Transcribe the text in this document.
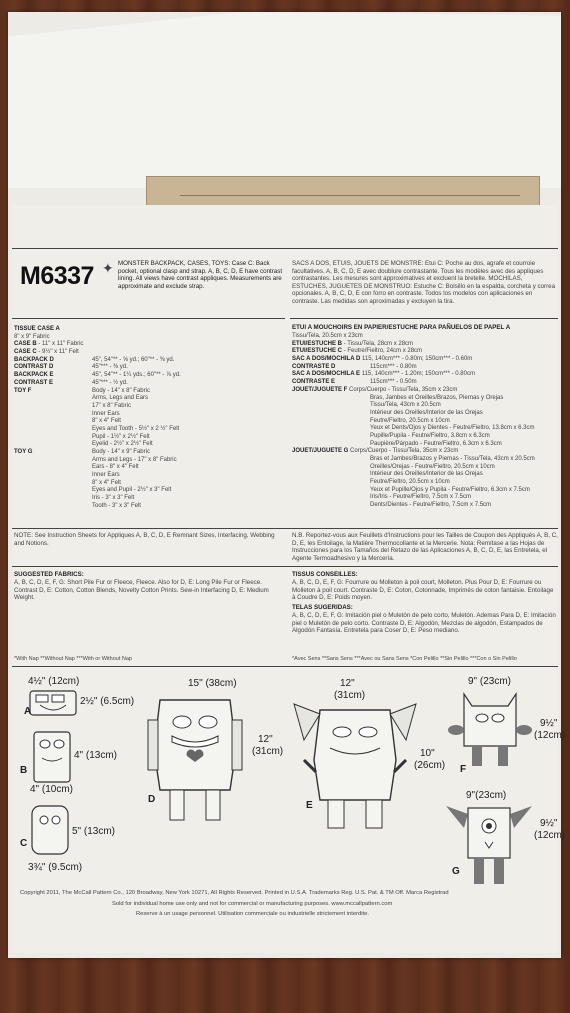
M6337 ✦ MONSTER BACKPACK, CASES, TOYS: Case C: Back pocket, optional clasp and strap. A, B, C, D, E have contrast lining. All views have contrast appliques. Measurements are approximate and exclude strap.
SACS A DOS, ETUIS, JOUETS DE MONSTRE: Etui C: Poche au dos, agrafe et courroie facultatives. A, B, C, D, E avec doublure contrastante. Tous les modèles avec des appliques contrastantes. Les mesures sont approximatives et excluent la bretelle. MOCHILAS, ESTUCHES, JUGUETES DE MONSTRUO: Estuche C: Bolsillo en la espalda, corcheta y correa opcionales. A, B, C, D, E con forro en contraste. Todos los modelos con aplicaciones en contraste. Las medidas son aproximadas y excluyen la tira.
TISSUE CASE A
8" x 9" Fabric
CASE B - 11" x 11" Fabric
CASE C - 9½" x 11" Felt
BACKPACK D	45", 54"** - ⅝ yd.; 60"** - ⅜ yd.
CONTRAST D	45"*** - ⅜ yd.
BACKPACK E	45", 54"** - 1¼ yds.; 60"** - ⅞ yd.
CONTRAST E	45"*** - ½ yd.
TOY F	Body - 14" x 8" Fabric
Arms, Legs and Ears
17" x 8" Fabric
Inner Ears
8" x 4" Felt
Eyes and Tooth - 5½" x 2 ½" Felt
Pupil - 1½" x 2½" Felt
Eyelid - 2½" x 2½" Felt
TOY G	Body - 14" x 9" Fabric
Arms and Legs - 17" x 8" Fabric
Ears - 8" x 4" Felt
Inner Ears
8" x 4" Felt
Eyes and Pupil - 2½" x 3" Felt
Iris - 3" x 3" Felt
Tooth - 3" x 3" Felt
ETUI A MOUCHOIRS EN PAPIER/ESTUCHE PARA PAÑUELOS DE PAPEL A
Tissu/Tela, 20.5cm x 23cm
ETUI/ESTUCHE B - Tissu/Tela, 28cm x 28cm
ETUI/ESTUCHE C - Feutre/Fieltro, 24cm x 28cm
SAC A DOS/MOCHILA D 115, 140cm*** - 0.80m; 150cm*** - 0.60m
CONTRASTE D	115cm*** - 0.80m
SAC A DOS/MOCHILA E 115, 140cm*** - 1.20m; 150cm*** - 0.80cm
CONTRASTE E	115cm*** - 0.50m
JOUET/JUGUETE F Corps/Cuerpo - Tissu/Tela, 35cm x 23cm
Bras, Jambes et Oreilles/Brazos, Piernas y Orejas
Tissu/Tela, 43cm x 20.5cm
Intérieur des Oreilles/Interior de las Orejas
Feutre/Fieltro, 20.5cm x 10cm
Yeux et Dents/Ojos y Dientes - Feutre/Fieltro, 13.8cm x 6.3cm
Pupille/Pupila - Feutre/Fieltro, 3.8cm x 6.3cm
Paupière/Párpado - Feutre/Fieltro, 6.3cm x 6.3cm
JOUET/JUGUETE G Corps/Cuerpo - Tissu/Tela, 35cm x 23cm
Bras et Jambes/Brazos y Piernas - Tissu/Tela, 43cm x 20.5cm
Oreilles/Orejas - Feutre/Fieltro, 20.5cm x 10cm
Intérieur des Oreilles/Interior de las Orejas
Feutre/Fieltro, 20.5cm x 10cm
Yeux et Pupille/Ojos y Pupila - Feutre/Fieltro, 6.3cm x 7.5cm
Iris/Iris - Feutre/Fieltro, 7.5cm x 7.5cm
Dents/Dientes - Feutre/Fieltro, 7.5cm x 7.5cm
NOTE: See Instruction Sheets for Appliques A, B, C, D, E Remnant Sizes, Interfacing, Webbing and Notions.
N.B. Reportez-vous aux Feuillets d'Instructions pour les Tailles de Coupon des Appliqués A, B, C, D, E, les Entoilage, la Matière Thermocollante et la Mercerie. Nota: Remítase a las Hojas de Instrucciones para los Tamaños del Retazo de las Aplicaciones A, B, C, D, E, las Entretela, el Agente Termoadhesivo y la Mercería.
SUGGESTED FABRICS:
A, B, C, D, E, F, G: Short Pile Fur or Fleece, Fleece. Also for D, E: Long Pile Fur or Fleece. Contrast D, E: Cotton, Cotton Blends, Novelty Cotton Prints. Sew-in Interfacing D, E: Medium Weight.
TISSUS CONSEILLES:
A, B, C, D, E, F, G: Fourrure ou Molleton à poil court, Molleton. Plus Pour D, E: Fourrure ou Molleton à poil court. Contraste D, E: Coton, Cotonnade, Imprimés de coton fantaisie. Entoilage à Coudre D, E: Poids moyen.
TELAS SUGERIDAS:
A, B, C, D, E, F, G: Imitación piel o Muletón de pelo corto, Muletón. Ademas Para D, E: Imitación piel o Muletón de pelo corto. Contraste D, E: Algodón, Mezclas de algodón, Estampados de Algodón Fantasía. Entretela para Coser D, E: Peso mediano.
*With Nap **Without Nap ***With or Without Nap	*Avec Sens **Sans Sens ***Avec ou Sans Sens *Con Pelillo **Sin Pelillo ***Con o Sin Pelillo
4½" (12cm)
A
2½" (6.5cm)
B
4" (13cm)
4" (10cm)
C
5" (13cm)
3¾" (9.5cm)
15" (38cm)
D
12"
(31cm)
12"
(31cm)
E
10"
(26cm)
9" (23cm)
F
9½"
(12cm)
9"(23cm)
G
9½"
(12cm)
Copyright 2011, The McCall Pattern Co., 120 Broadway, New York 10271, All Rights Reserved. Printed in U.S.A. Trademarks Reg. U.S. Pat. & TM Off. Marca Registrad
Sold for individual home use only and not for commercial or manufacturing purposes. www.mccallpattern.com
Reserve à un usage personnel. Utilisation commerciale ou industrielle strictement interdite.
